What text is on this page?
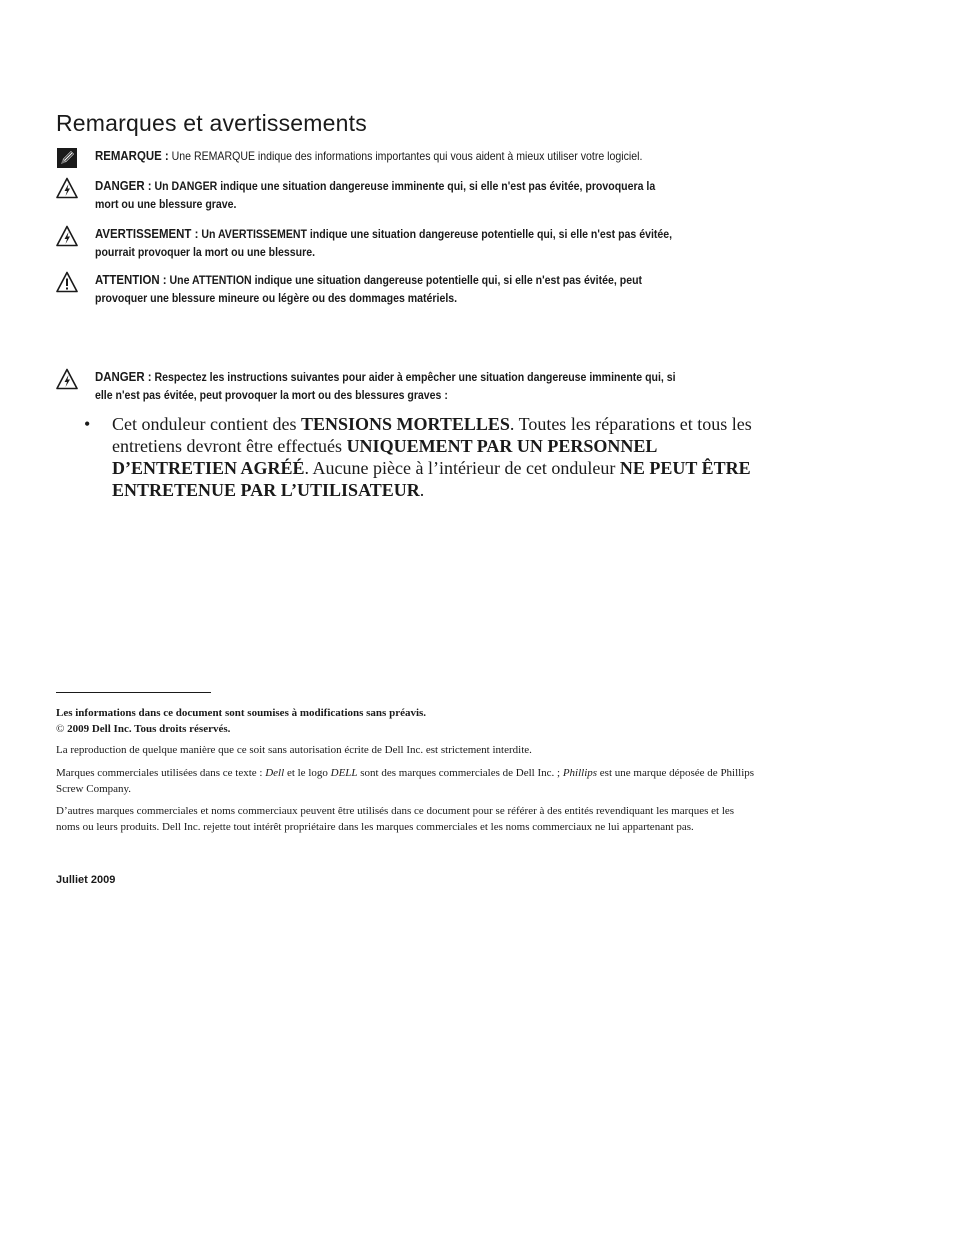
Remarques et avertissements
REMARQUE : Une REMARQUE indique des informations importantes qui vous aident à mieux utiliser votre logiciel.
DANGER : Un DANGER indique une situation dangereuse imminente qui, si elle n'est pas évitée, provoquera la mort ou une blessure grave.
AVERTISSEMENT : Un AVERTISSEMENT indique une situation dangereuse potentielle qui, si elle n'est pas évitée, pourrait provoquer la mort ou une blessure.
ATTENTION : Une ATTENTION indique une situation dangereuse potentielle qui, si elle n'est pas évitée, peut provoquer une blessure mineure ou légère ou des dommages matériels.
DANGER : Respectez les instructions suivantes pour aider à empêcher une situation dangereuse imminente qui, si elle n'est pas évitée, peut provoquer la mort ou des blessures graves :
• Cet onduleur contient des TENSIONS MORTELLES. Toutes les réparations et tous les entretiens devront être effectués UNIQUEMENT PAR UN PERSONNEL D’ENTRETIEN AGRÉÉ. Aucune pièce à l’intérieur de cet onduleur NE PEUT ÊTRE ENTRETENUE PAR L’UTILISATEUR.

Les informations dans ce document sont soumises à modifications sans préavis.
© 2009 Dell Inc. Tous droits réservés.

La reproduction de quelque manière que ce soit sans autorisation écrite de Dell Inc. est strictement interdite.

Marques commerciales utilisées dans ce texte : Dell et le logo DELL sont des marques commerciales de Dell Inc. ; Phillips est une marque déposée de Phillips Screw Company.

D’autres marques commerciales et noms commerciaux peuvent être utilisés dans ce document pour se référer à des entités revendiquant les marques et les noms ou leurs produits. Dell Inc. rejette tout intérêt propriétaire dans les marques commerciales et les noms commerciaux ne lui appartenant pas.

Julliet 2009
